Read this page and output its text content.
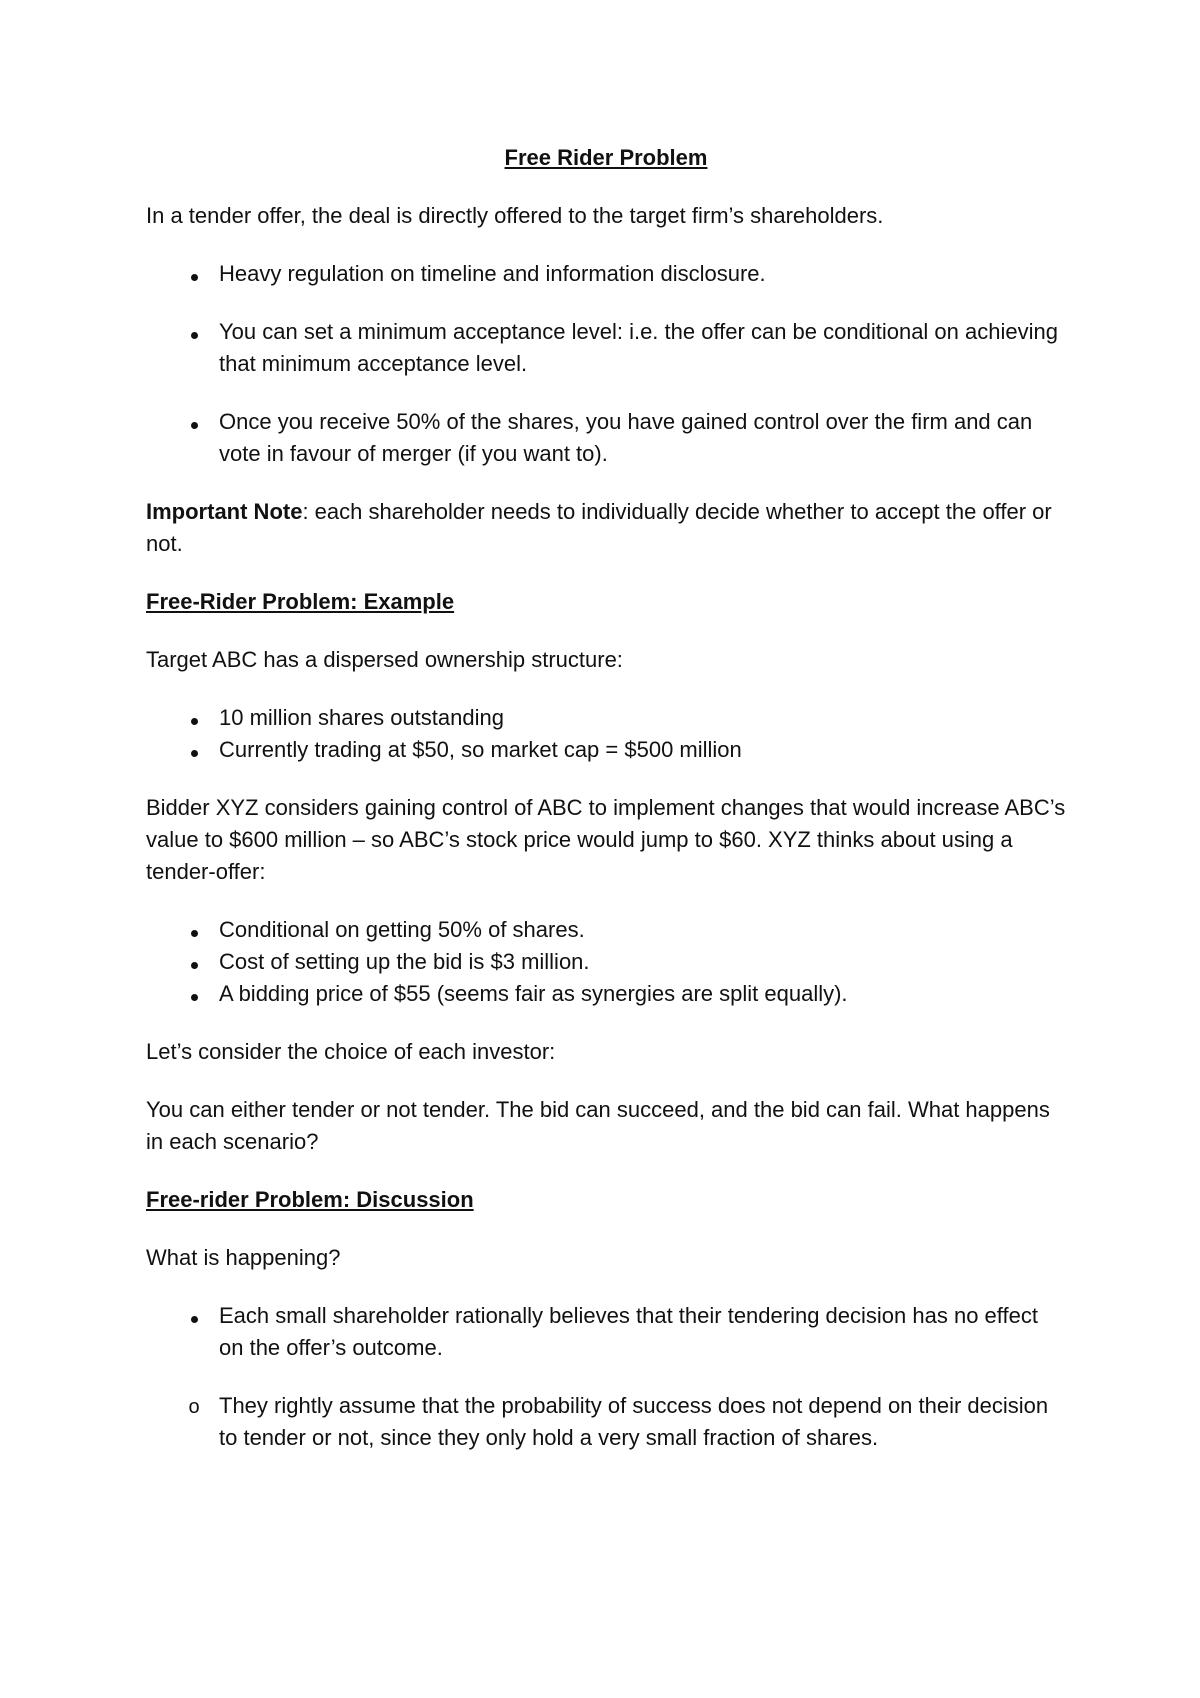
Free Rider Problem

In a tender offer, the deal is directly offered to the target firm’s shareholders.

Heavy regulation on timeline and information disclosure.
You can set a minimum acceptance level: i.e. the offer can be conditional on achieving that minimum acceptance level.
Once you receive 50% of the shares, you have gained control over the firm and can vote in favour of merger (if you want to).

Important Note: each shareholder needs to individually decide whether to accept the offer or not.

Free-Rider Problem: Example

Target ABC has a dispersed ownership structure:

10 million shares outstanding
Currently trading at $50, so market cap = $500 million

Bidder XYZ considers gaining control of ABC to implement changes that would increase ABC’s value to $600 million – so ABC’s stock price would jump to $60. XYZ thinks about using a tender-offer:

Conditional on getting 50% of shares.
Cost of setting up the bid is $3 million.
A bidding price of $55 (seems fair as synergies are split equally).

Let’s consider the choice of each investor:

You can either tender or not tender. The bid can succeed, and the bid can fail. What happens in each scenario?

Free-rider Problem: Discussion

What is happening?

Each small shareholder rationally believes that their tendering decision has no effect on the offer’s outcome.
o They rightly assume that the probability of success does not depend on their decision to tender or not, since they only hold a very small fraction of shares.
